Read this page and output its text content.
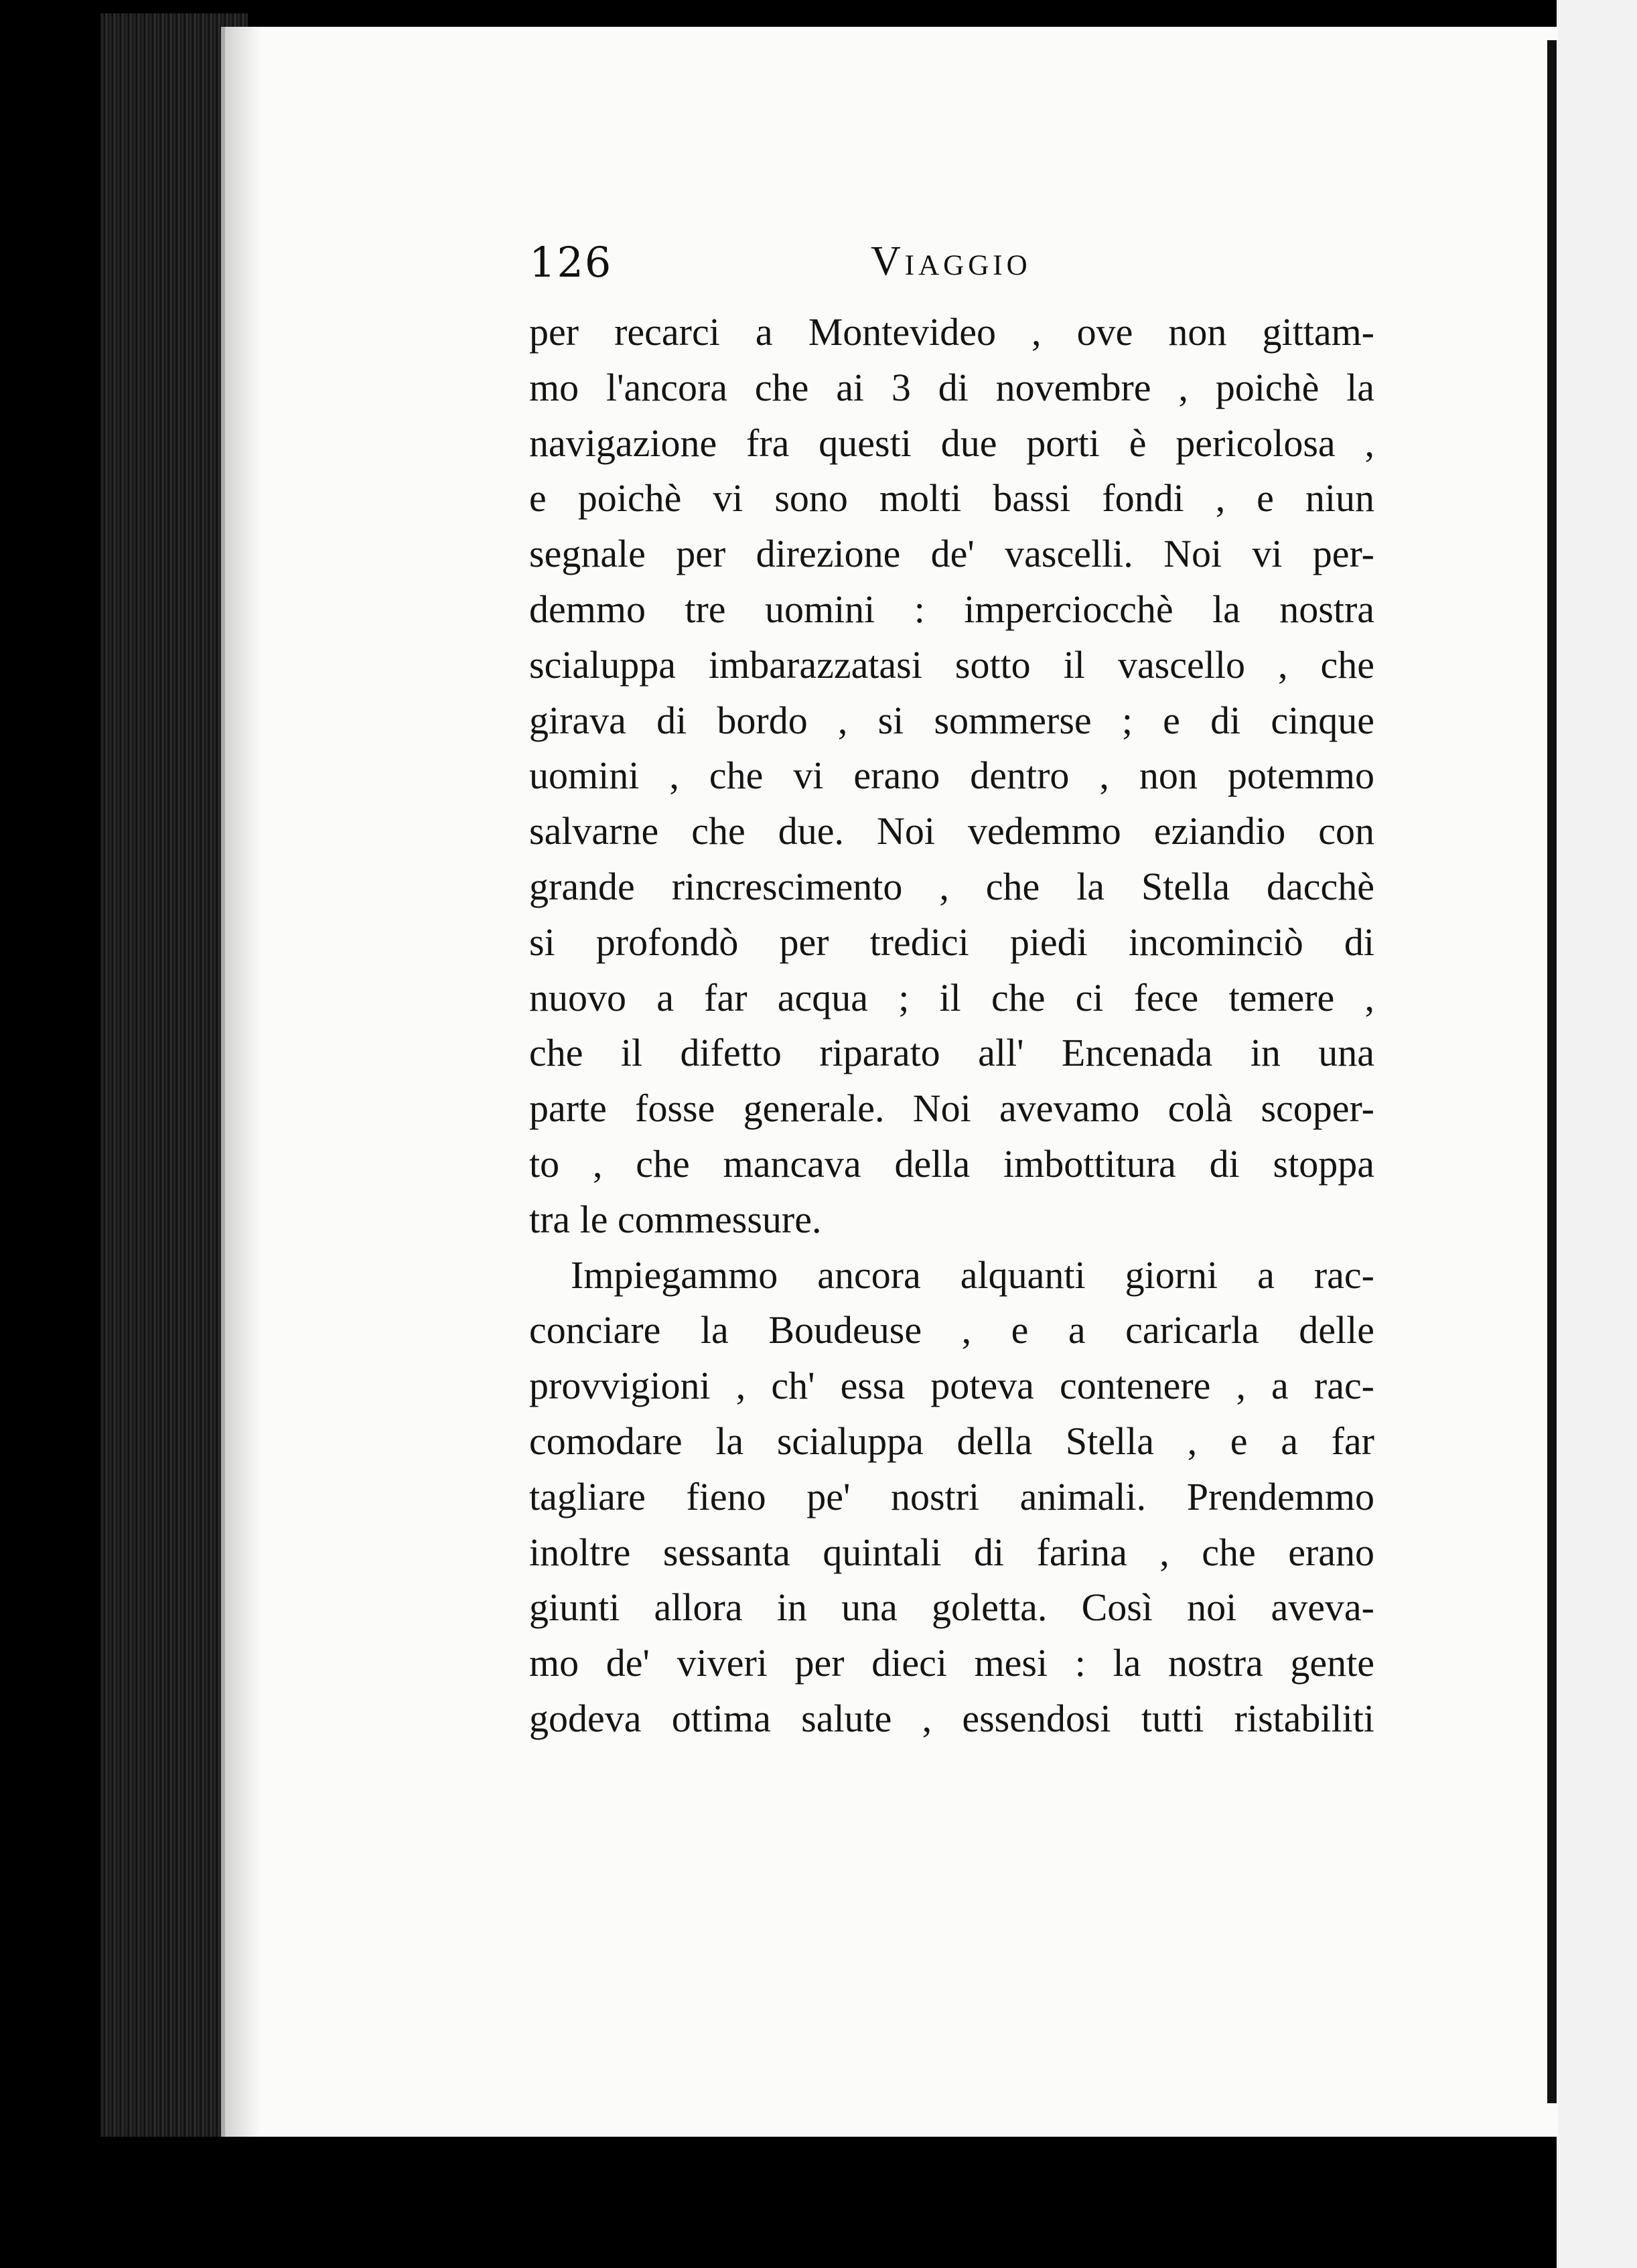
126	Viaggio
per recarci a Montevideo , ove non gittam-
mo l'ancora che ai 3 di novembre , poichè la
navigazione fra questi due porti è pericolosa ,
e poichè vi sono molti bassi fondi , e niun
segnale per direzione de' vascelli. Noi vi per-
demmo tre uomini : imperciocchè la nostra
scialuppa imbarazzatasi sotto il vascello , che
girava di bordo , si sommerse ; e di cinque
uomini , che vi erano dentro , non potemmo
salvarne che due. Noi vedemmo eziandio con
grande rincrescimento , che la Stella dacchè
si profondò per tredici piedi incominciò di
nuovo a far acqua ; il che ci fece temere ,
che il difetto riparato all' Encenada in una
parte fosse generale. Noi avevamo colà scoper-
to , che mancava della imbottitura di stoppa
tra le commessure.
Impiegammo ancora alquanti giorni a rac-
conciare la Boudeuse , e a caricarla delle
provvigioni , ch' essa poteva contenere , a rac-
comodare la scialuppa della Stella , e a far
tagliare fieno pe' nostri animali. Prendemmo
inoltre sessanta quintali di farina , che erano
giunti allora in una goletta. Così noi aveva-
mo de' viveri per dieci mesi : la nostra gente
godeva ottima salute , essendosi tutti ristabiliti
